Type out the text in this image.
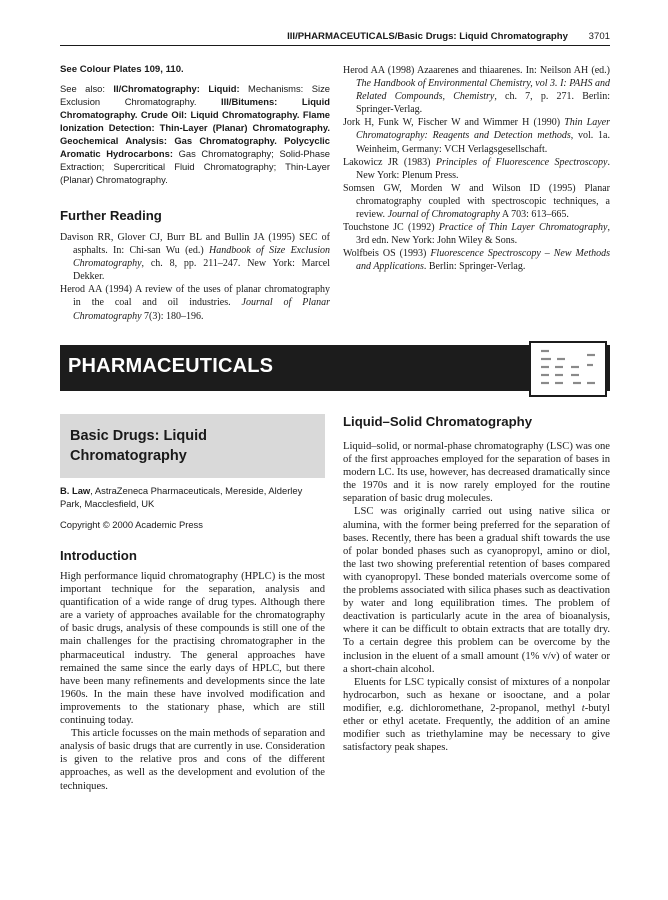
III/PHARMACEUTICALS/Basic Drugs: Liquid Chromatography 3701

See Colour Plates 109, 110.

See also: II/Chromatography: Liquid: Mechanisms: Size Exclusion Chromatography. III/Bitumens: Liquid Chromatography. Crude Oil: Liquid Chromatography. Flame Ionization Detection: Thin-Layer (Planar) Chromatography. Geochemical Analysis: Gas Chromatography. Polycyclic Aromatic Hydrocarbons: Gas Chromatography; Solid-Phase Extraction; Supercritical Fluid Chromatography; Thin-Layer (Planar) Chromatography.

Further Reading

Davison RR, Glover CJ, Burr BL and Bullin JA (1995) SEC of asphalts. In: Chi-san Wu (ed.) Handbook of Size Exclusion Chromatography, ch. 8, pp. 211–247. New York: Marcel Dekker.

Herod AA (1994) A review of the uses of planar chromatography in the coal and oil industries. Journal of Planar Chromatography 7(3): 180–196.

Herod AA (1998) Azaarenes and thiaarenes. In: Neilson AH (ed.) The Handbook of Environmental Chemistry, vol 3. I: PAHS and Related Compounds, Chemistry, ch. 7, p. 271. Berlin: Springer-Verlag.

Jork H, Funk W, Fischer W and Wimmer H (1990) Thin Layer Chromatography: Reagents and Detection methods, vol. 1a. Weinheim, Germany: VCH Verlagsgesellschaft.

Lakowicz JR (1983) Principles of Fluorescence Spectroscopy. New York: Plenum Press.

Somsen GW, Morden W and Wilson ID (1995) Planar chromatography coupled with spectroscopic techniques, a review. Journal of Chromatography A 703: 613–665.

Touchstone JC (1992) Practice of Thin Layer Chromatography, 3rd edn. New York: John Wiley & Sons.

Wolfbeis OS (1993) Fluorescence Spectroscopy – New Methods and Applications. Berlin: Springer-Verlag.

PHARMACEUTICALS
Basic Drugs: Liquid Chromatography

B. Law, AstraZeneca Pharmaceuticals, Mereside, Alderley Park, Macclesfield, UK

Copyright © 2000 Academic Press

Introduction

High performance liquid chromatography (HPLC) is the most important technique for the separation, analysis and quantification of a wide range of drug types. Although there are a variety of approaches available for the chromatography of basic drugs, analysis of these compounds is still one of the main challenges for the practising chromatographer in the pharmaceutical industry. The general approaches have remained the same since the early days of HPLC, but there have been many refinements and developments since the late 1960s. In the main these have involved modification and improvements to the stationary phase, which are still continuing today.

This article focusses on the main methods of separation and analysis of basic drugs that are currently in use. Consideration is given to the relative pros and cons of the different approaches, as well as the development and evolution of the techniques.

Liquid–Solid Chromatography

Liquid–solid, or normal-phase chromatography (LSC) was one of the first approaches employed for the separation of bases in modern LC. Its use, however, has decreased dramatically since the 1970s and it is now rarely employed for the routine separation of basic drug molecules.

LSC was originally carried out using native silica or alumina, with the former being preferred for the separation of bases. Recently, there has been a gradual shift towards the use of polar bonded phases such as cyanopropyl, amino or diol, the last two showing preferential retention of bases compared with cyanopropyl. These bonded materials overcome some of the problems associated with silica phases such as deactivation by water and long equilibration times. The problem of deactivation is particularly acute in the area of bioanalysis, where it can be difficult to obtain extracts that are totally dry. To a certain degree this problem can be overcome by the inclusion in the eluent of a small amount (1% v/v) of water or a short-chain alcohol.

Eluents for LSC typically consist of mixtures of a nonpolar hydrocarbon, such as hexane or isooctane, and a polar modifier, e.g. dichloromethane, 2-propanol, methyl t-butyl ether or ethyl acetate. Frequently, the addition of an amine modifier such as triethylamine may be necessary to give satisfactory peak shapes.
